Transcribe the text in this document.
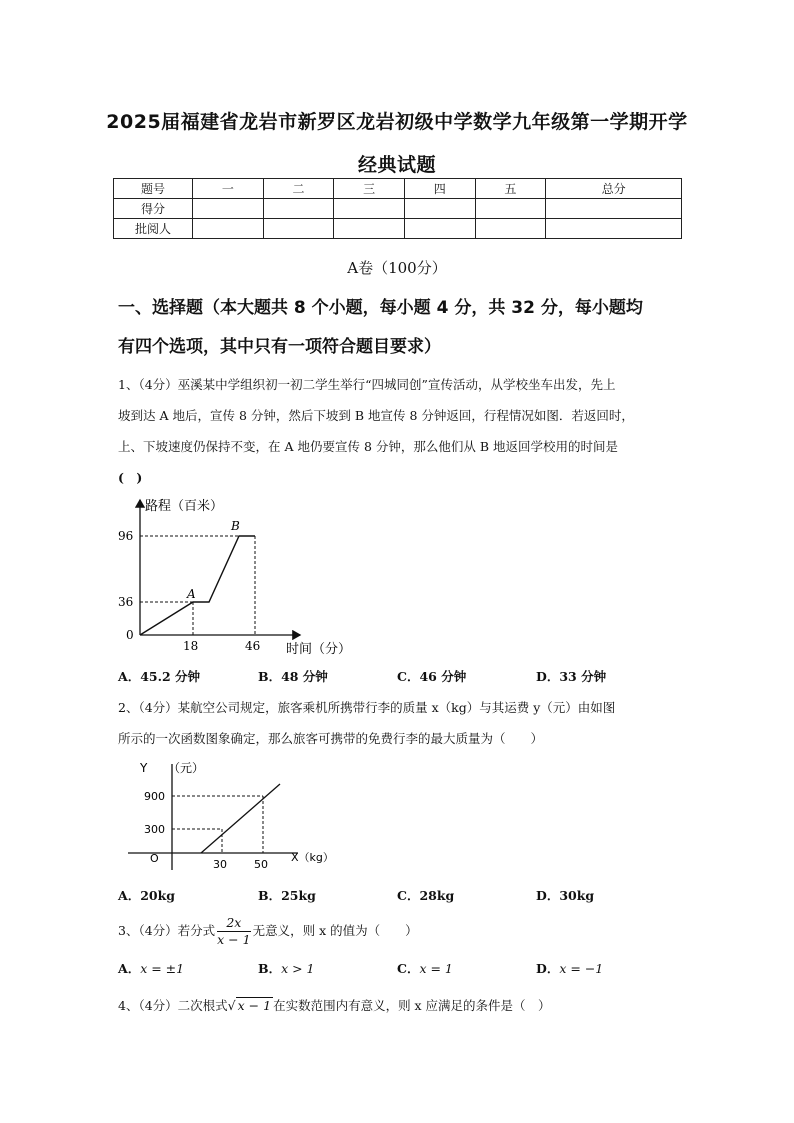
2025届福建省龙岩市新罗区龙岩初级中学数学九年级第一学期开学
经典试题
题号	一	二	三	四	五	总分
得分						
批阅人						
A卷（100分）
一、选择题（本大题共 8 个小题，每小题 4 分，共 32 分，每小题均
有四个选项，其中只有一项符合题目要求）
1、（4分）巫溪某中学组织初一初二学生举行“四城同创”宣传活动，从学校坐车出发，先上
坡到达 A 地后，宣传 8 分钟，然后下坡到 B 地宣传 8 分钟返回，行程情况如图．若返回时，
上、下坡速度仍保持不变，在 A 地仍要宣传 8 分钟，那么他们从 B 地返回学校用的时间是
(　)
路程（百米）
时间（分）
96
36
0
18	46
A
B
A．45.2 分钟	B．48 分钟	C．46 分钟	D．33 分钟
2、（4分）某航空公司规定，旅客乘机所携带行李的质量 x（kg）与其运费 y（元）由如图
所示的一次函数图象确定，那么旅客可携带的免费行李的最大质量为（　　）
Y （元）
900
300
O	30 50
X（kg）
A．20kg	B．25kg	C．28kg	D．30kg
3、（4分）若分式 $\frac{2x}{x - 1}$ 无意义，则 x 的值为（　　）
A．x = ±1	B．x > 1	C．x = 1	D．x = −1
4、（4分）二次根式√ x − 1 在实数范围内有意义，则 x 应满足的条件是（　）
